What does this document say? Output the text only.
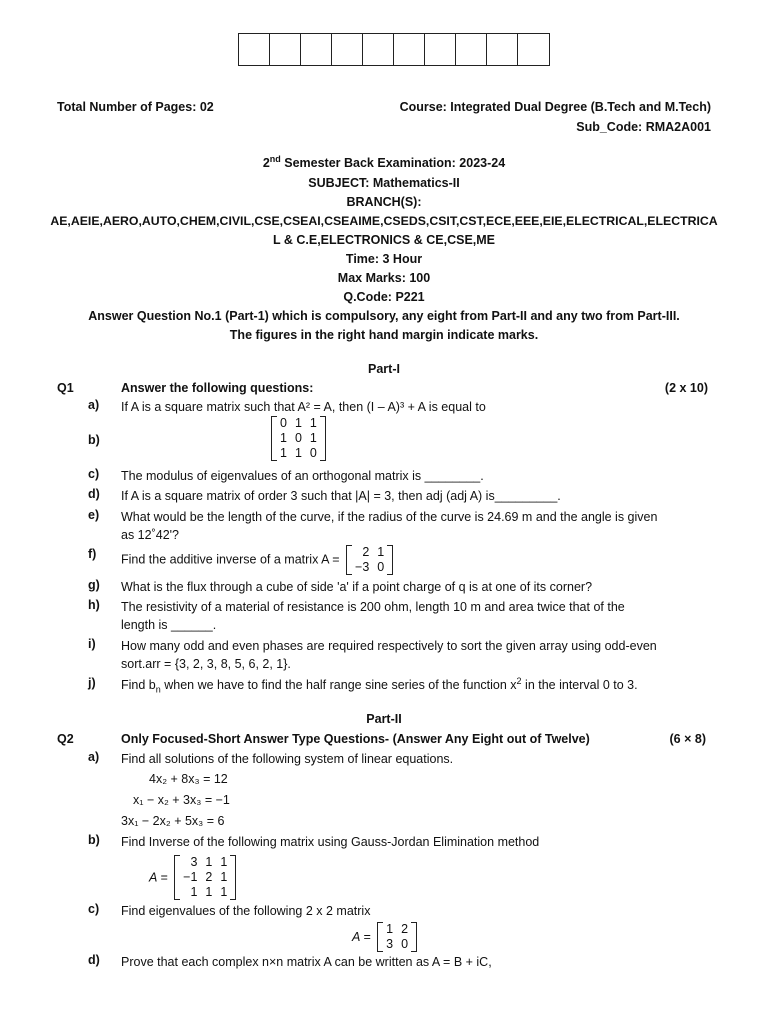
Total Number of Pages: 02	Course: Integrated Dual Degree (B.Tech and M.Tech)
Sub_Code: RMA2A001
2nd Semester Back Examination: 2023-24
SUBJECT: Mathematics-II
BRANCH(S):
AE,AEIE,AERO,AUTO,CHEM,CIVIL,CSE,CSEAI,CSEAIME,CSEDS,CSIT,CST,ECE,EEE,EIE,ELECTRICAL,ELECTRICA
L & C.E,ELECTRONICS & CE,CSE,ME
Time: 3 Hour
Max Marks: 100
Q.Code: P221
Answer Question No.1 (Part-1) which is compulsory, any eight from Part-II and any two from Part-III.
The figures in the right hand margin indicate marks.
Part-I
Q1	Answer the following questions:	(2 x 10)
a) If A is a square matrix such that A² = A, then (I – A)³ + A is equal to
b)
0	1	1
1	0	1
1	1	0
c) The modulus of eigenvalues of an orthogonal matrix is ________.
d) If A is a square matrix of order 3 such that |A| = 3, then adj (adj A) is_________.
e) What would be the length of the curve, if the radius of the curve is 24.69 m and the angle is given as 12˚42'?
f) Find the additive inverse of a matrix A =
2	1
−3	0
g) What is the flux through a cube of side 'a' if a point charge of q is at one of its corner?
h) The resistivity of a material of resistance is 200 ohm, length 10 m and area twice that of the length is ______.
i) How many odd and even phases are required respectively to sort the given array using odd-even sort.arr = {3, 2, 3, 8, 5, 6, 2, 1}.
j) Find $b_n$ when we have to find the half range sine series of the function $x^2$ in the interval 0 to 3.
Part-II
Q2	Only Focused-Short Answer Type Questions- (Answer Any Eight out of Twelve)	(6 × 8)
a) Find all solutions of the following system of linear equations.
4x₂ + 8x₃ = 12
x₁ − x₂ + 3x₃ = −1
3x₁ − 2x₂ + 5x₃ = 6
b) Find Inverse of the following matrix using Gauss-Jordan Elimination method
A =
3	1	1
−1	2	1
1	1	1
c) Find eigenvalues of the following 2 x 2 matrix
A =
1	2
3	0
d) Prove that each complex n×n matrix A can be written as A = B + iC,
